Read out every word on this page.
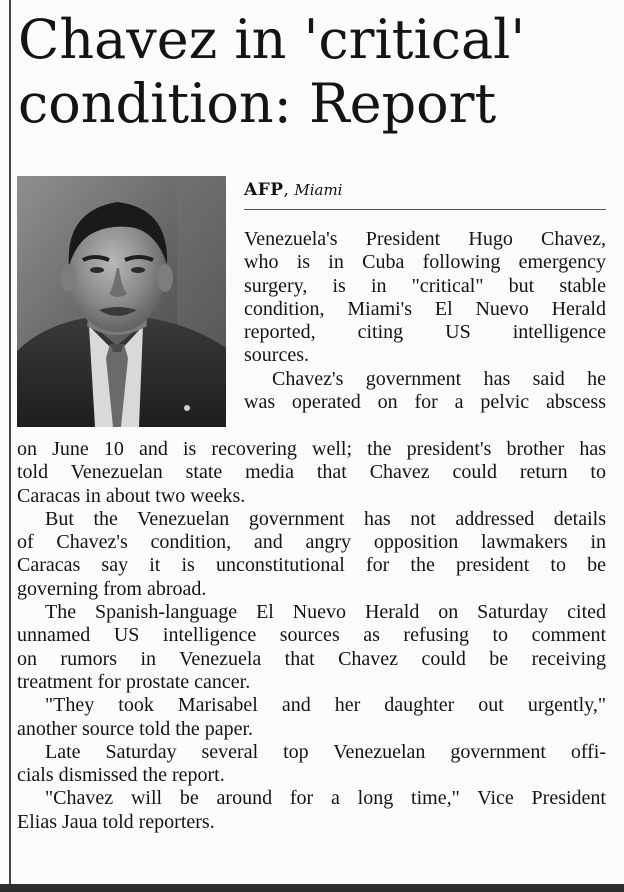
Chavez in 'critical' condition: Report
AFP, Miami
Venezuela's President Hugo Chavez,
who is in Cuba following emergency
surgery, is in "critical" but stable
condition, Miami's El Nuevo Herald
reported, citing US intelligence
sources.
Chavez's government has said he
was operated on for a pelvic abscess
on June 10 and is recovering well; the president's brother has
told Venezuelan state media that Chavez could return to
Caracas in about two weeks.
But the Venezuelan government has not addressed details
of Chavez's condition, and angry opposition lawmakers in
Caracas say it is unconstitutional for the president to be
governing from abroad.
The Spanish-language El Nuevo Herald on Saturday cited
unnamed US intelligence sources as refusing to comment
on rumors in Venezuela that Chavez could be receiving
treatment for prostate cancer.
"They took Marisabel and her daughter out urgently,"
another source told the paper.
Late Saturday several top Venezuelan government offi-
cials dismissed the report.
"Chavez will be around for a long time," Vice President
Elias Jaua told reporters.
